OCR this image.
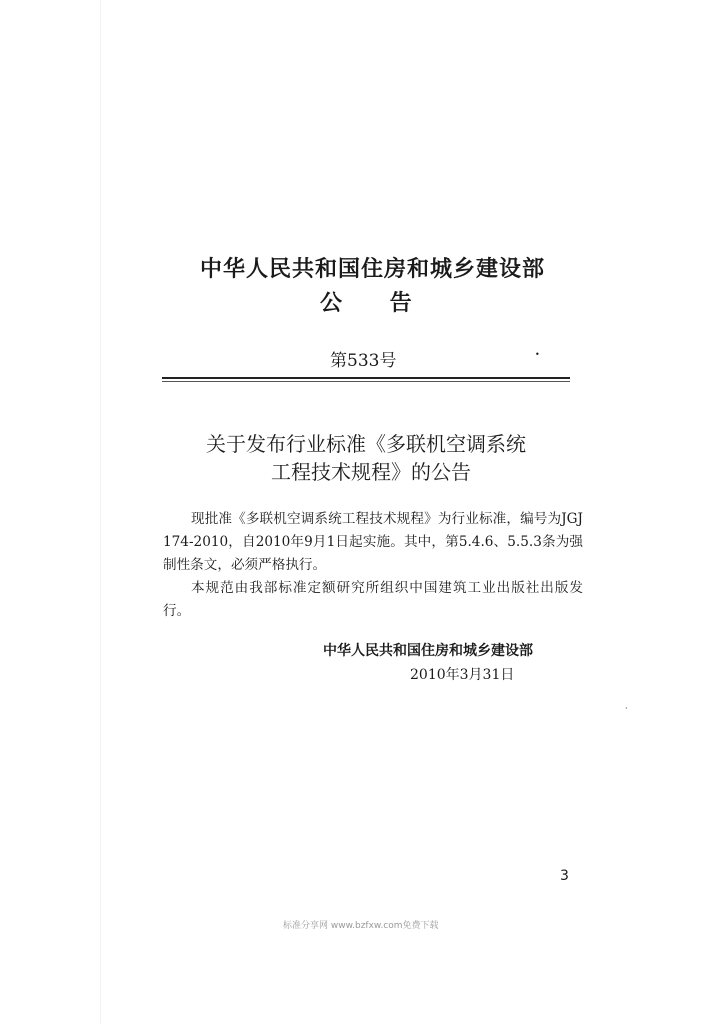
中华人民共和国住房和城乡建设部
公 告
第533号	•
关于发布行业标准《多联机空调系统
工程技术规程》的公告

现批准《多联机空调系统工程技术规程》为行业标准，编号为JGJ 174-2010，自2010年9月1日起实施。其中，第5.4.6、5.5.3条为强制性条文，必须严格执行。

本规范由我部标准定额研究所组织中国建筑工业出版社出版发行。

中华人民共和国住房和城乡建设部
2010年3月31日
·
3
标准分享网 www.bzfxw.com免费下载
